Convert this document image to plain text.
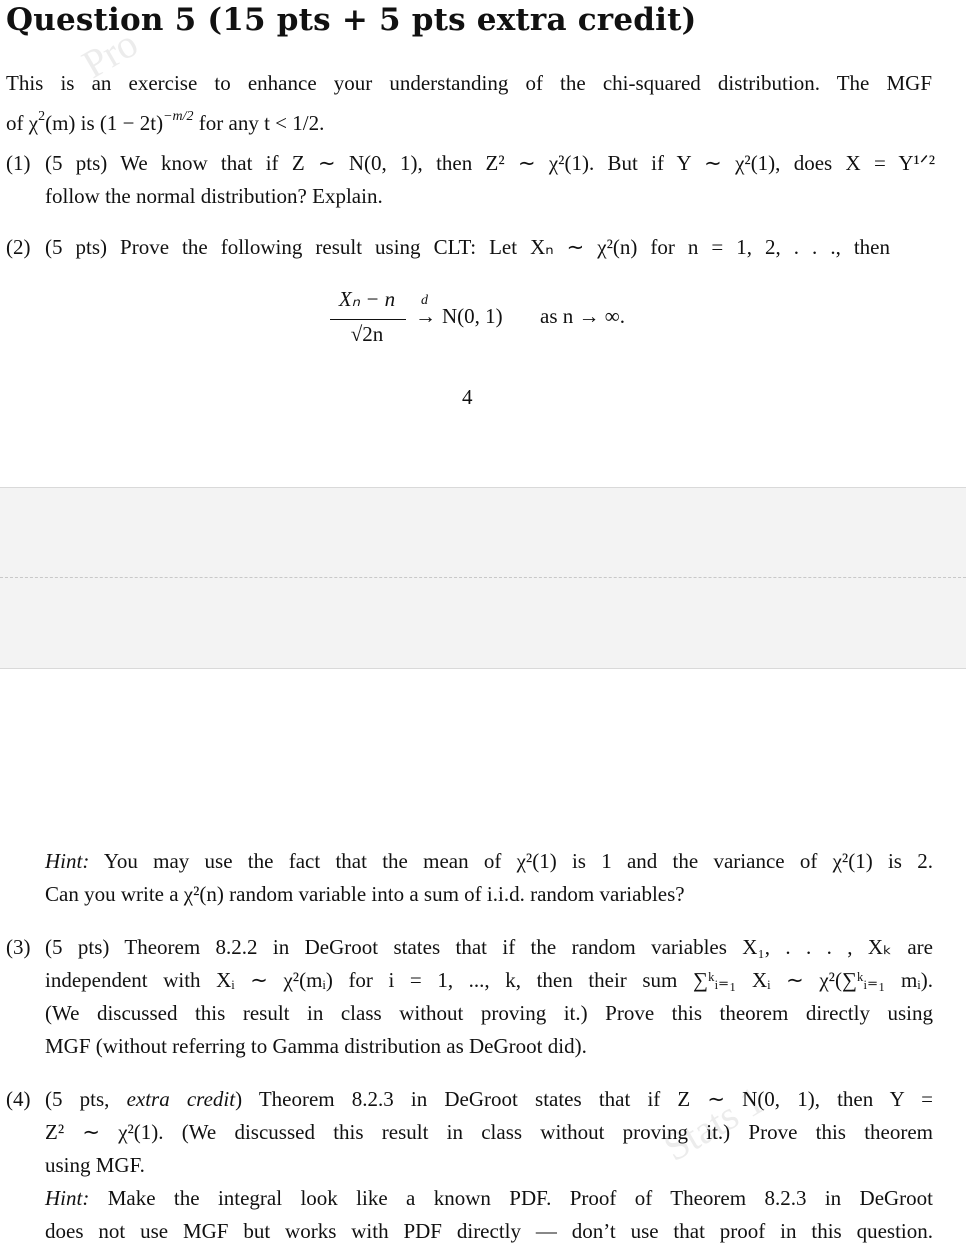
Pro
Stats 1
Question 5 (15 pts + 5 pts extra credit)
This is an exercise to enhance your understanding of the chi-squared distribution. The MGF
of $\chi^2(m)$ is $(1 - 2t)^{-m/2}$ for any t < 1/2.
(1) (5 pts) We know that if Z ∼ N(0, 1), then Z² ∼ χ²(1). But if Y ∼ χ²(1), does X = Y¹ᐟ²
follow the normal distribution? Explain.
(2) (5 pts) Prove the following result using CLT: Let Xₙ ∼ χ²(n) for n = 1, 2, . . ., then
Xₙ − n
√2n
d
→ N(0, 1) as n → ∞.
4
Hint: You may use the fact that the mean of χ²(1) is 1 and the variance of χ²(1) is 2.
Can you write a χ²(n) random variable into a sum of i.i.d. random variables?
(3) (5 pts) Theorem 8.2.2 in DeGroot states that if the random variables X₁, . . . , Xₖ are
independent with Xᵢ ∼ χ²(mᵢ) for i = 1, ..., k, then their sum ∑ᵏᵢ₌₁ Xᵢ ∼ χ²(∑ᵏᵢ₌₁ mᵢ).
(We discussed this result in class without proving it.) Prove this theorem directly using
MGF (without referring to Gamma distribution as DeGroot did).
(4) (5 pts, extra credit) Theorem 8.2.3 in DeGroot states that if Z ∼ N(0, 1), then Y =
Z² ∼ χ²(1). (We discussed this result in class without proving it.) Prove this theorem
using MGF.
Hint: Make the integral look like a known PDF. Proof of Theorem 8.2.3 in DeGroot
does not use MGF but works with PDF directly — don’t use that proof in this question.
